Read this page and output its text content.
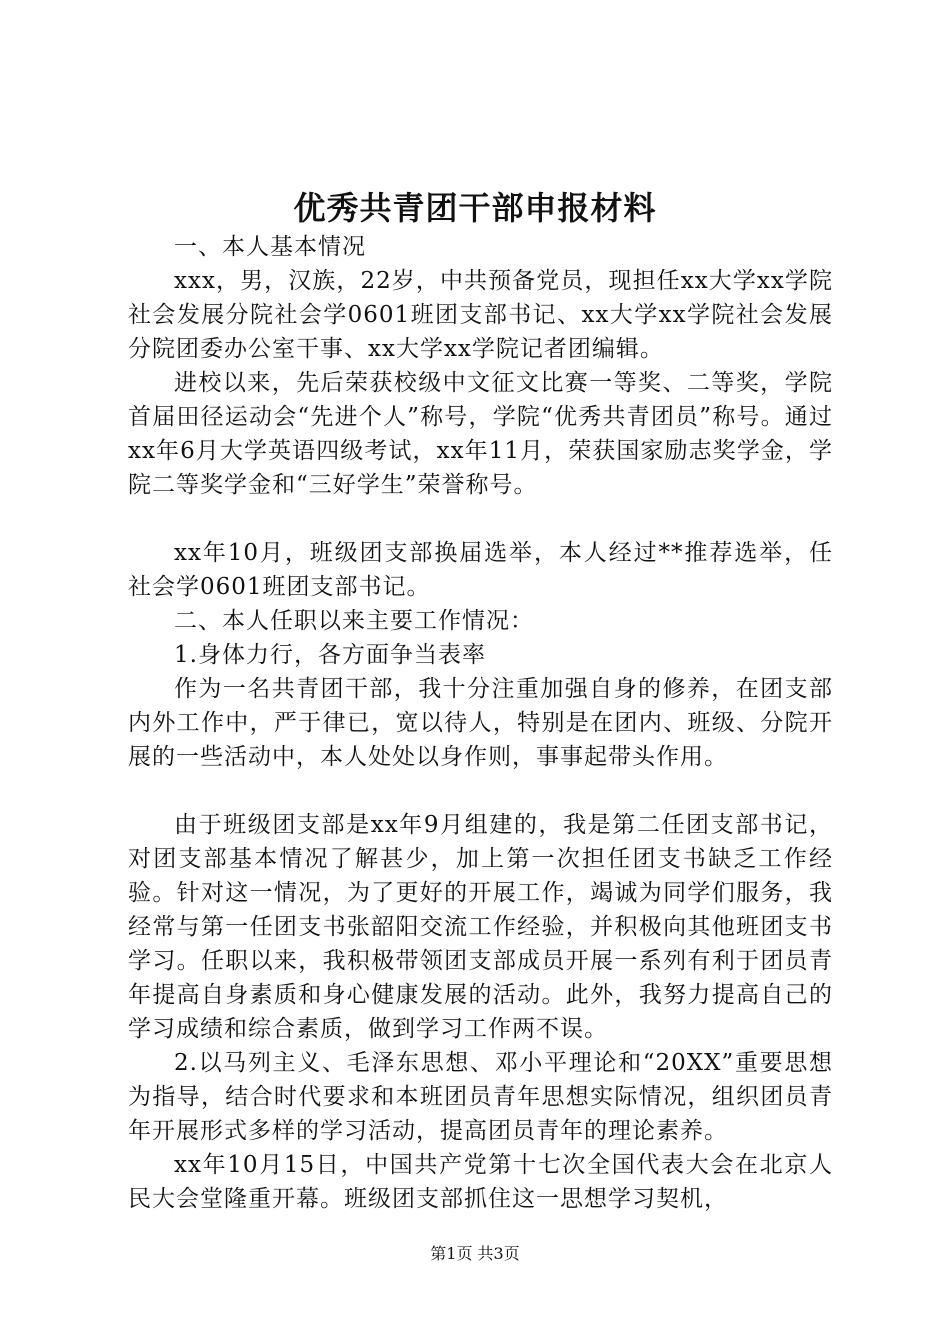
优秀共青团干部申报材料

一、本人基本情况

xxx，男，汉族，22岁，中共预备党员，现担任xx大学xx学院社会发展分院社会学0601班团支部书记、xx大学xx学院社会发展分院团委办公室干事、xx大学xx学院记者团编辑。

进校以来，先后荣获校级中文征文比赛一等奖、二等奖，学院首届田径运动会“先进个人”称号，学院“优秀共青团员”称号。通过xx年6月大学英语四级考试，xx年11月，荣获国家励志奖学金，学院二等奖学金和“三好学生”荣誉称号。

xx年10月，班级团支部换届选举，本人经过**推荐选举，任社会学0601班团支部书记。

二、本人任职以来主要工作情况：

1.身体力行，各方面争当表率

作为一名共青团干部，我十分注重加强自身的修养，在团支部内外工作中，严于律已，宽以待人，特别是在团内、班级、分院开展的一些活动中，本人处处以身作则，事事起带头作用。

由于班级团支部是xx年9月组建的，我是第二任团支部书记，对团支部基本情况了解甚少，加上第一次担任团支书缺乏工作经验。针对这一情况，为了更好的开展工作，竭诚为同学们服务，我经常与第一任团支书张韶阳交流工作经验，并积极向其他班团支书学习。任职以来，我积极带领团支部成员开展一系列有利于团员青年提高自身素质和身心健康发展的活动。此外，我努力提高自己的学习成绩和综合素质，做到学习工作两不误。

2.以马列主义、毛泽东思想、邓小平理论和“20XX”重要思想为指导，结合时代要求和本班团员青年思想实际情况，组织团员青年开展形式多样的学习活动，提高团员青年的理论素养。

xx年10月15日，中国共产党第十七次全国代表大会在北京人民大会堂隆重开幕。班级团支部抓住这一思想学习契机，

第1页 共3页
